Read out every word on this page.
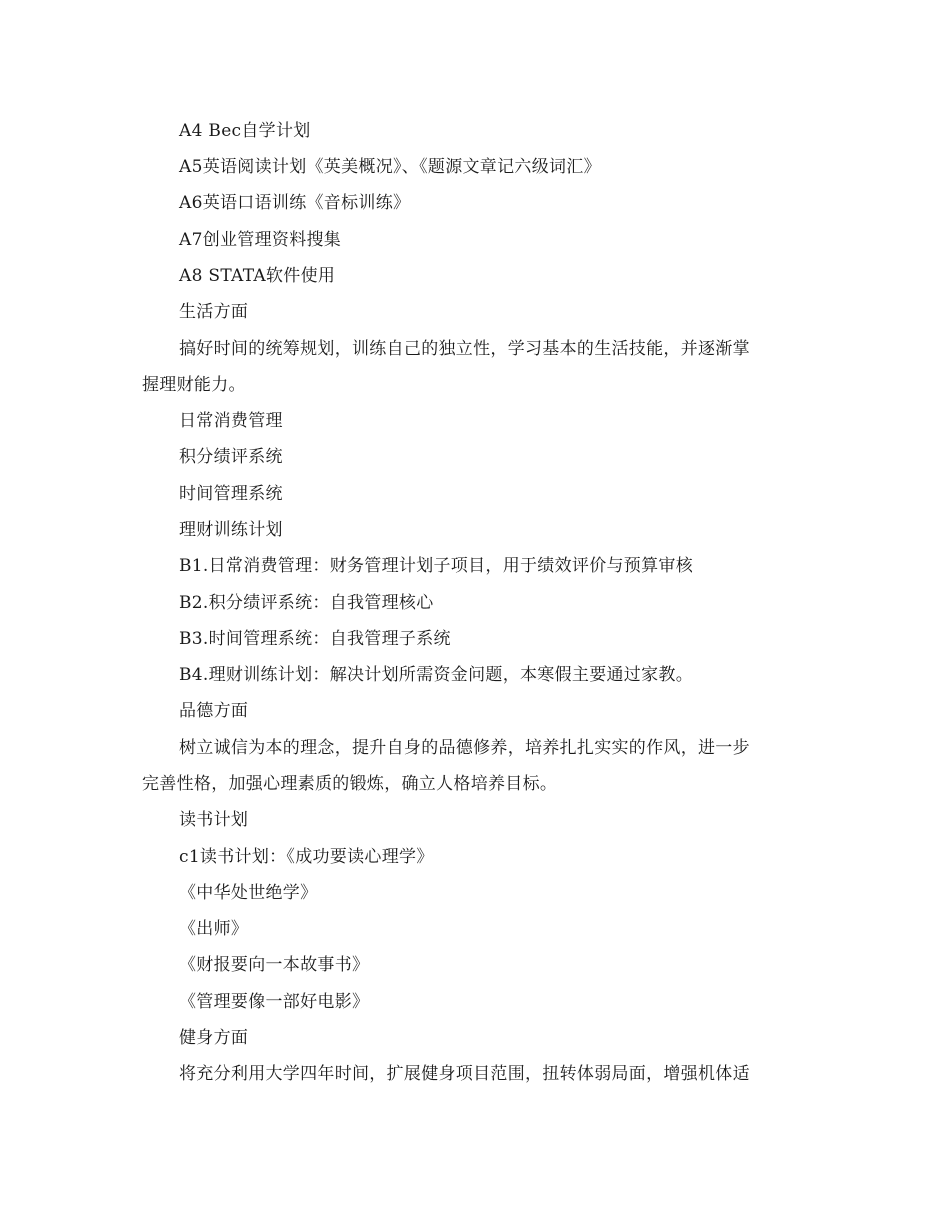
A4 Bec自学计划
A5英语阅读计划《英美概况》、《题源文章记六级词汇》
A6英语口语训练《音标训练》
A7创业管理资料搜集
A8 STATA软件使用
生活方面
搞好时间的统筹规划，训练自己的独立性，学习基本的生活技能，并逐渐掌
握理财能力。
日常消费管理
积分绩评系统
时间管理系统
理财训练计划
B1.日常消费管理：财务管理计划子项目，用于绩效评价与预算审核
B2.积分绩评系统：自我管理核心
B3.时间管理系统：自我管理子系统
B4.理财训练计划：解决计划所需资金问题，本寒假主要通过家教。
品德方面
树立诚信为本的理念，提升自身的品德修养，培养扎扎实实的作风，进一步
完善性格，加强心理素质的锻炼，确立人格培养目标。
读书计划
c1读书计划：《成功要读心理学》
《中华处世绝学》
《出师》
《财报要向一本故事书》
《管理要像一部好电影》
健身方面
将充分利用大学四年时间，扩展健身项目范围，扭转体弱局面，增强机体适
